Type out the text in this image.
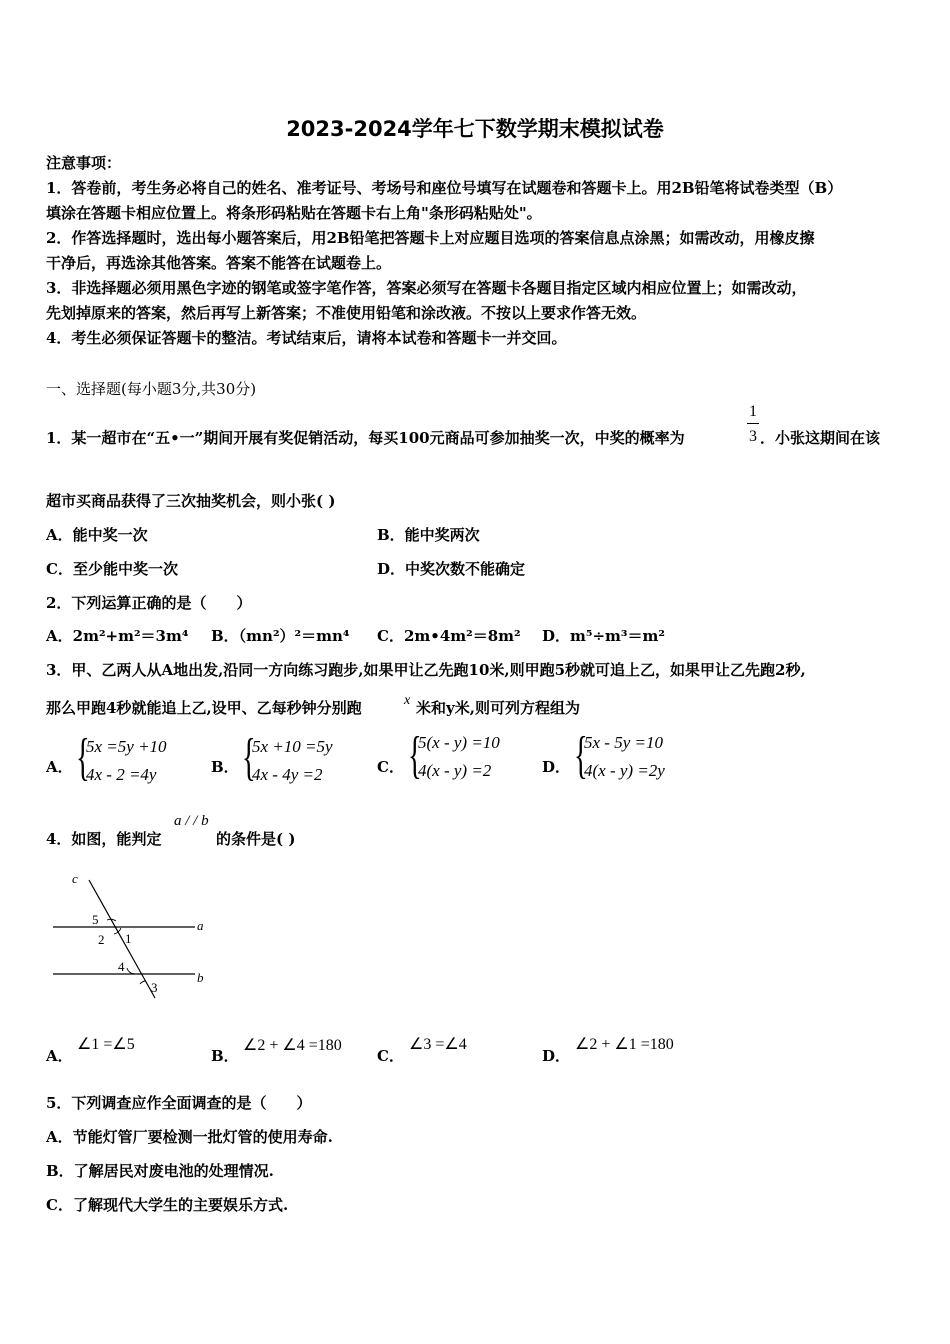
2023-2024学年七下数学期末模拟试卷
注意事项：
1．答卷前，考生务必将自己的姓名、准考证号、考场号和座位号填写在试题卷和答题卡上。用2B铅笔将试卷类型（B）
填涂在答题卡相应位置上。将条形码粘贴在答题卡右上角"条形码粘贴处"。
2．作答选择题时，选出每小题答案后，用2B铅笔把答题卡上对应题目选项的答案信息点涂黑；如需改动，用橡皮擦
干净后，再选涂其他答案。答案不能答在试题卷上。
3．非选择题必须用黑色字迹的钢笔或签字笔作答，答案必须写在答题卡各题目指定区域内相应位置上；如需改动，
先划掉原来的答案，然后再写上新答案；不准使用铅笔和涂改液。不按以上要求作答无效。
4．考生必须保证答题卡的整洁。考试结束后，请将本试卷和答题卡一并交回。
一、选择题(每小题3分,共30分)
1．某一超市在“五•一”期间开展有奖促销活动，每买100元商品可参加抽奖一次，中奖的概率为
1
3 ．小张这期间在该
超市买商品获得了三次抽奖机会，则小张( )
A．能中奖一次	B．能中奖两次
C．至少能中奖一次	D．中奖次数不能确定
2．下列运算正确的是（　　）
A．2m²+m²＝3m⁴ B．（mn²）²＝mn⁴ C．2m•4m²＝8m² D．m⁵÷m³＝m²
3．甲、乙两人从A地出发,沿同一方向练习跑步,如果甲让乙先跑10米,则甲跑5秒就可追上乙，如果甲让乙先跑2秒,
那么甲跑4秒就能追上乙,设甲、乙每秒钟分别跑	x 米和y米,则可列方程组为
A． {
5x =5y +10
4x - 2 =4y	B． {
5x +10 =5y
4x - 4y =2	C． {
5(x - y) =10
4(x - y) =2	D． {
5x - 5y =10
4(x - y) =2y
4．如图，能判定
a / / b
的条件是( )
c
a
b
5
2 1
4
3
A．
∠1 =∠5
B．
∠2 + ∠4 =180
C．
∠3 =∠4
D．
∠2 + ∠1 =180
5．下列调查应作全面调查的是（　　）
A．节能灯管厂要检测一批灯管的使用寿命.
B．了解居民对废电池的处理情况.
C．了解现代大学生的主要娱乐方式.
